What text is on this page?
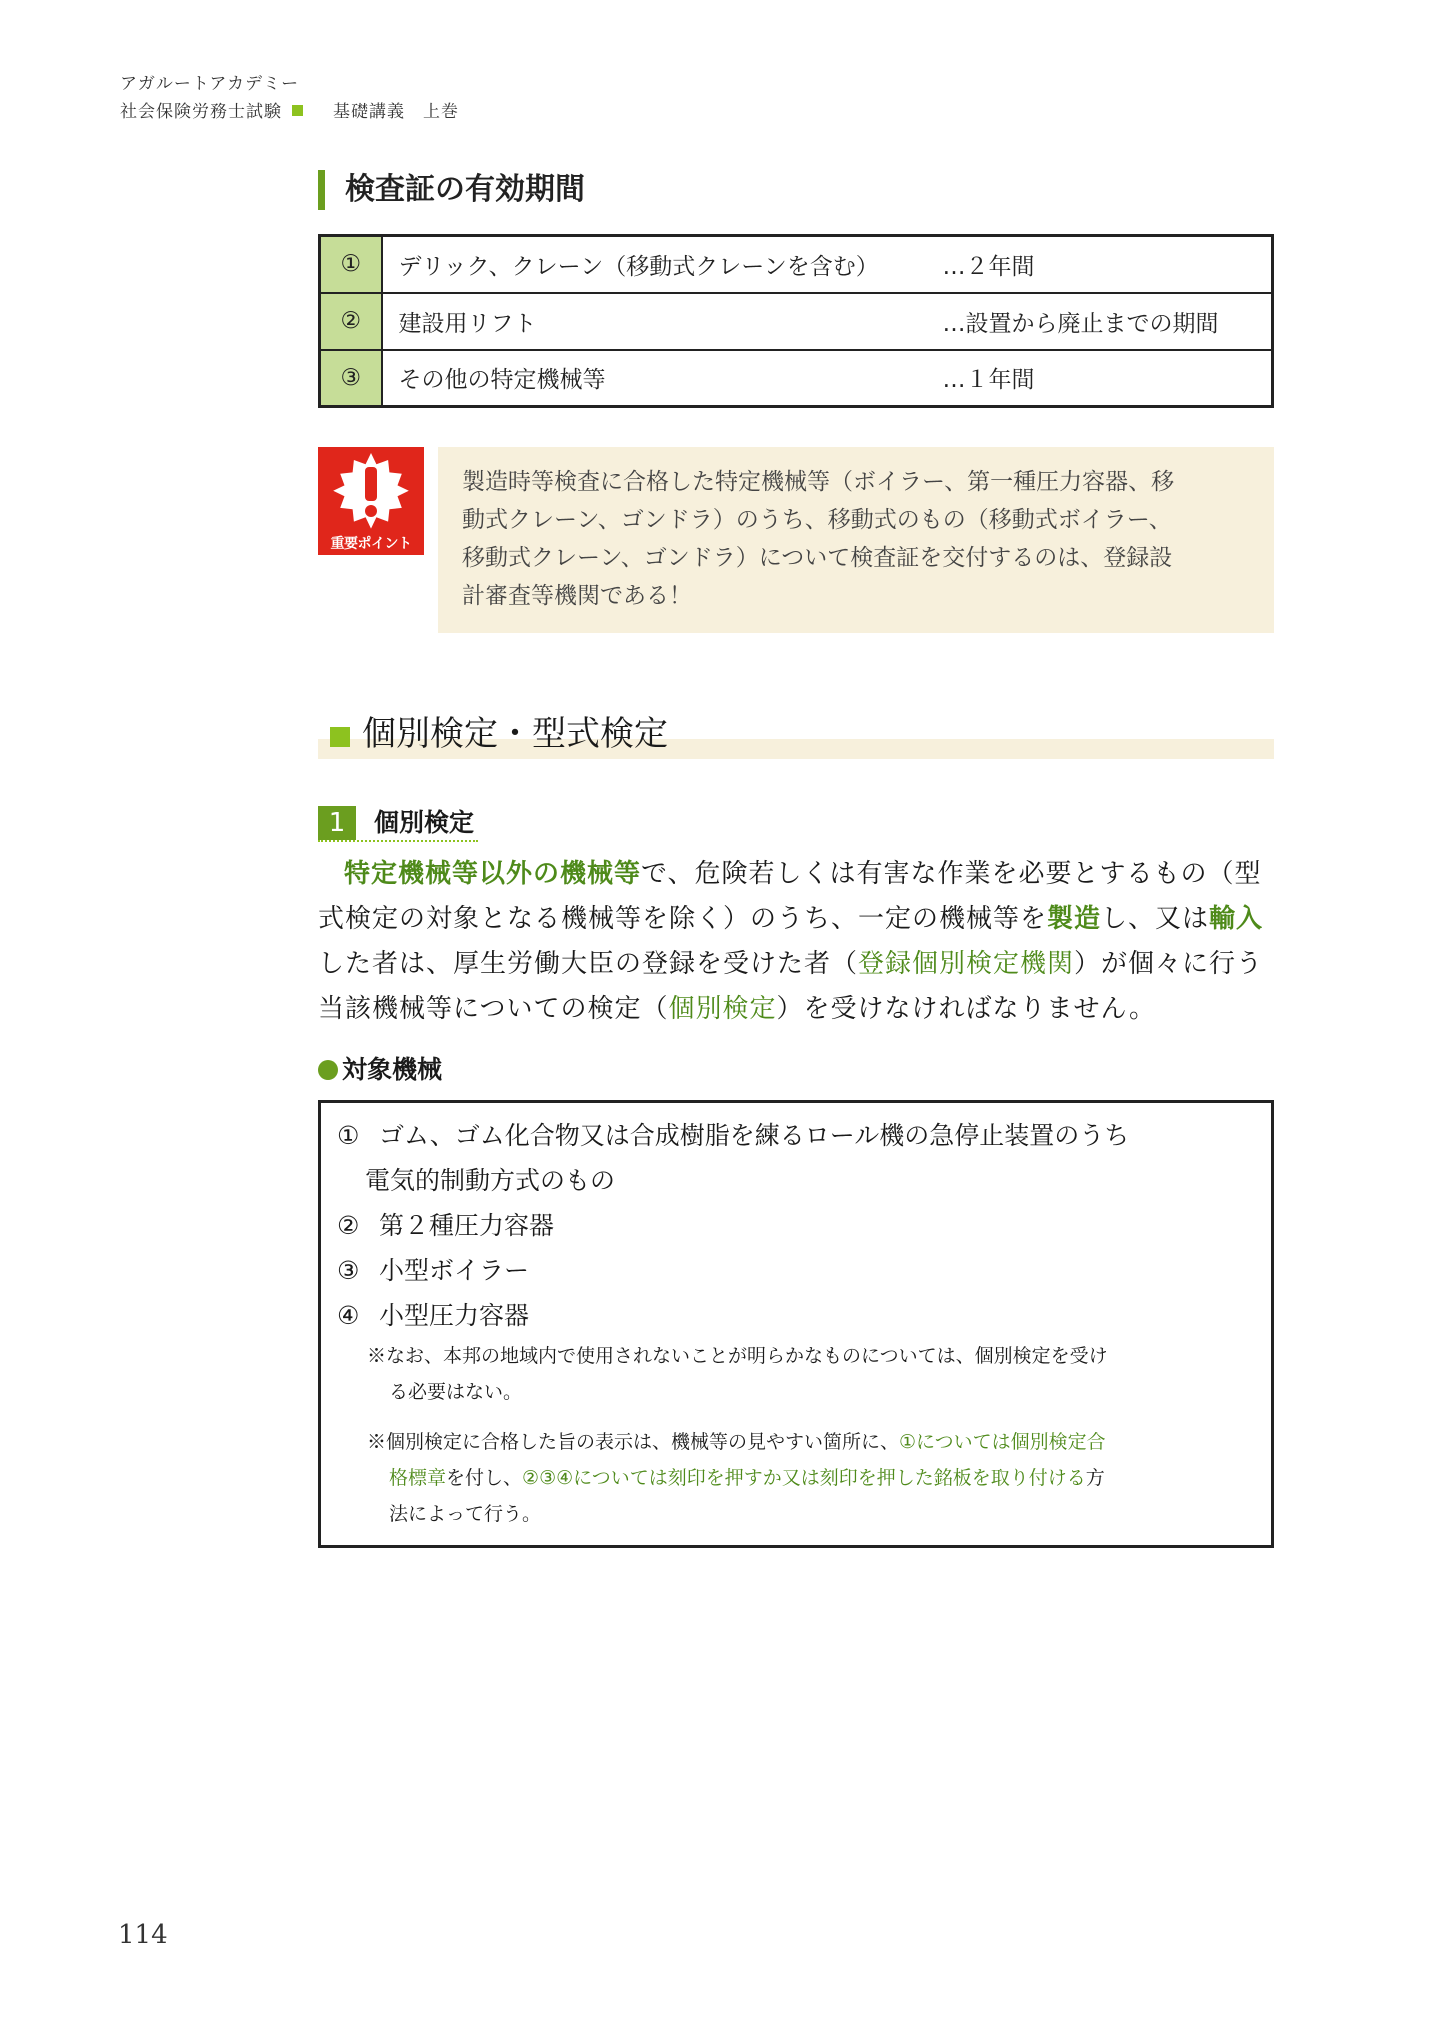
アガルートアカデミー
社会保険労務士試験	基礎講義　上巻
検査証の有効期間
①	デリック、クレーン（移動式クレーンを含む）	…２年間
②	建設用リフト	…設置から廃止までの期間
③	その他の特定機械等	…１年間
重要ポイント
製造時等検査に合格した特定機械等（ボイラー、第一種圧力容器、移
動式クレーン、ゴンドラ）のうち、移動式のもの（移動式ボイラー、
移動式クレーン、ゴンドラ）について検査証を交付するのは、登録設
計審査等機関である！
個別検定・型式検定
1 個別検定

特定機械等以外の機械等で、危険若しくは有害な作業を必要とするもの（型

式検定の対象となる機械等を除く）のうち、一定の機械等を製造し、又は輸入

した者は、厚生労働大臣の登録を受けた者（登録個別検定機関）が個々に行う

当該機械等についての検定（個別検定）を受けなければなりません。

対象機械
① ゴム、ゴム化合物又は合成樹脂を練るロール機の急停止装置のうち
電気的制動方式のもの
② 第２種圧力容器
③ 小型ボイラー
④ 小型圧力容器
※なお、本邦の地域内で使用されないことが明らかなものについては、個別検定を受け
る必要はない。
※個別検定に合格した旨の表示は、機械等の見やすい箇所に、①については個別検定合
格標章を付し、②③④については刻印を押すか又は刻印を押した銘板を取り付ける方
法によって行う。
114
